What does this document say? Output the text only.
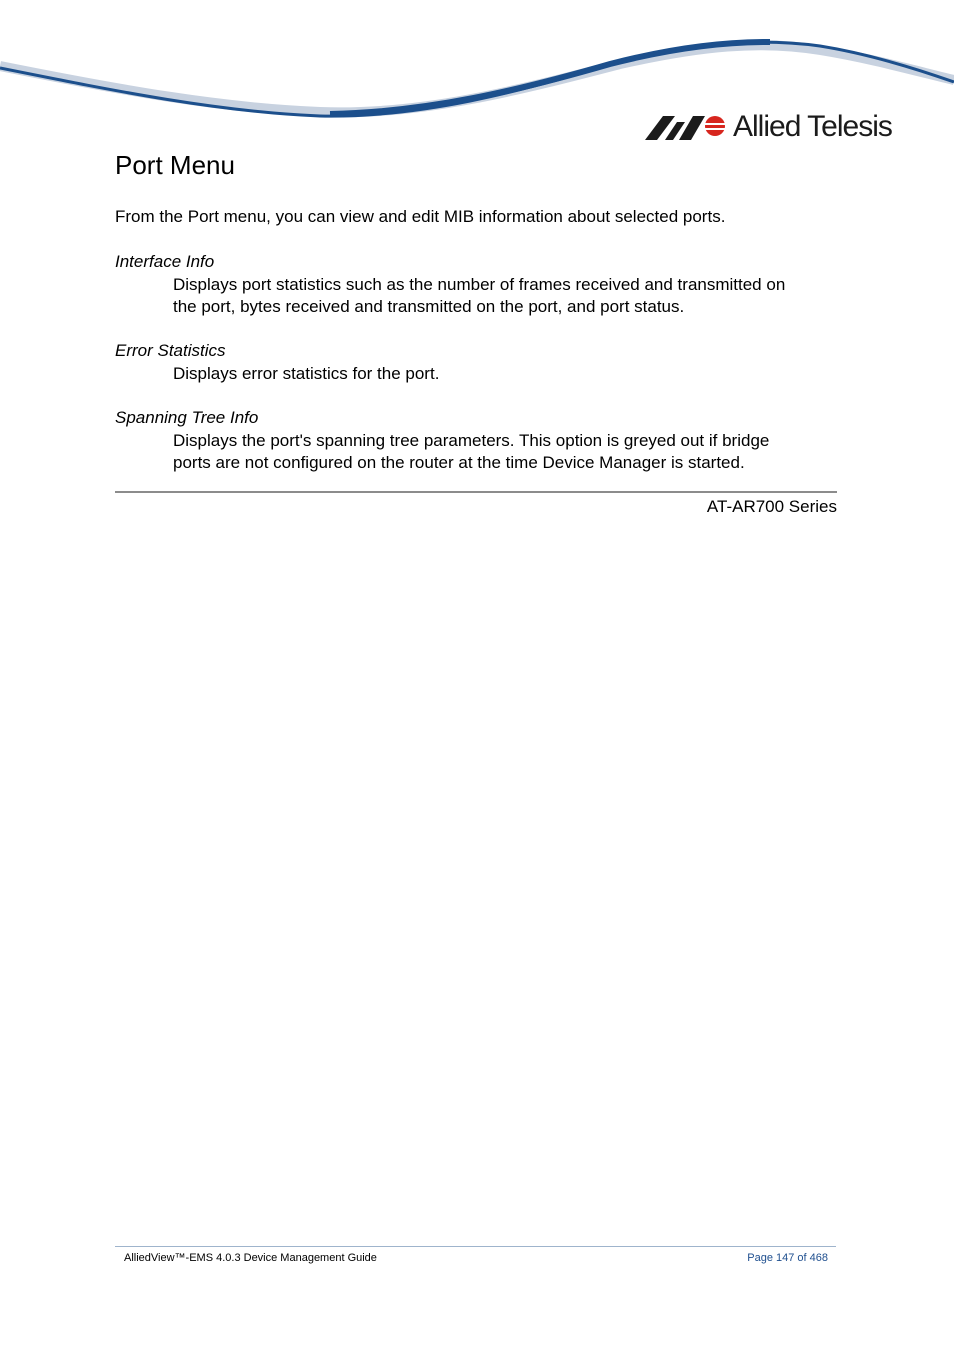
Allied Telesis
Port Menu

From the Port menu, you can view and edit MIB information about selected ports.

Interface Info

Displays port statistics such as the number of frames received and transmitted on
the port, bytes received and transmitted on the port, and port status.

Error Statistics

Displays error statistics for the port.

Spanning Tree Info

Displays the port's spanning tree parameters. This option is greyed out if bridge
ports are not configured on the router at the time Device Manager is started.

AT-AR700 Series
AlliedView™-EMS 4.0.3 Device Management Guide	Page 147 of 468
